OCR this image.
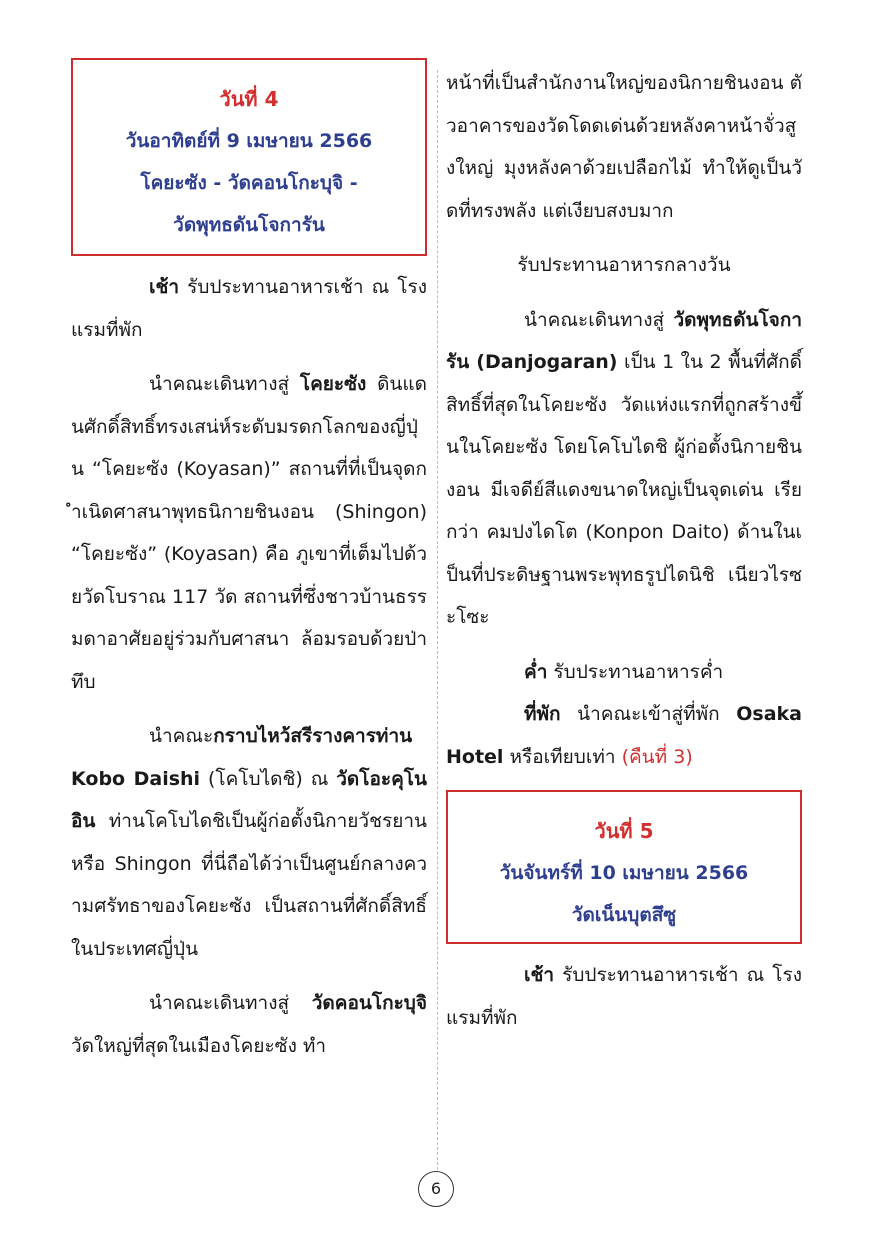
วันที่ 4
วันอาทิตย์ที่ 9 เมษายน 2566
โคยะซัง - วัดคอนโกะบุจิ -
วัดพุทธดันโจการัน

เช้า รับประทานอาหารเช้า ณ โรงแรมที่พัก

นำคณะเดินทางสู่ โคยะซัง ดินแดนศักดิ์สิทธิ์ทรงเสน่ห์ระดับมรดกโลกของญี่ปุ่น “โคยะซัง (Koyasan)” สถานที่ที่เป็นจุดกำเนิดศาสนาพุทธนิกายชินงอน (Shingon) “โคยะซัง” (Koyasan) คือ ภูเขาที่เต็มไปด้วยวัดโบราณ 117 วัด สถานที่ซึ่งชาวบ้านธรรมดาอาศัยอยู่ร่วมกับศาสนา ล้อมรอบด้วยป่าทึบ

นำคณะกราบไหว้สรีรางคารท่าน Kobo Daishi (โคโบไดชิ) ณ วัดโอะคุโนอิน ท่านโคโบไดชิเป็นผู้ก่อตั้งนิกายวัชรยาน หรือ Shingon ที่นี่ถือได้ว่าเป็นศูนย์กลางความศรัทธาของโคยะซัง เป็นสถานที่ศักดิ์สิทธิ์ในประเทศญี่ปุ่น

นำคณะเดินทางสู่ วัดคอนโกะบุจิ วัดใหญ่ที่สุดในเมืองโคยะซัง ทำ

หน้าที่เป็นสำนักงานใหญ่ของนิกายชินงอน ตัวอาคารของวัดโดดเด่นด้วยหลังคาหน้าจั่วสูงใหญ่ มุงหลังคาด้วยเปลือกไม้ ทำให้ดูเป็นวัดที่ทรงพลัง แต่เงียบสงบมาก

รับประทานอาหารกลางวัน

นำคณะเดินทางสู่ วัดพุทธดันโจการัน (Danjogaran) เป็น 1 ใน 2 พื้นที่ศักดิ์สิทธิ์ที่สุดในโคยะซัง วัดแห่งแรกที่ถูกสร้างขึ้นในโคยะซัง โดยโคโบไดชิ ผู้ก่อตั้งนิกายชินงอน มีเจดีย์สีแดงขนาดใหญ่เป็นจุดเด่น เรียกว่า คมปงไดโต (Konpon Daito) ด้านในเป็นที่ประดิษฐานพระพุทธรูปไดนิชิ เนียวไรซะโซะ

ค่ำ รับประทานอาหารค่ำ

ที่พัก นำคณะเข้าสู่ที่พัก Osaka Hotel หรือเทียบเท่า (คืนที่ 3)

วันที่ 5
วันจันทร์ที่ 10 เมษายน 2566
วัดเน็นบุตสึซู

เช้า รับประทานอาหารเช้า ณ โรงแรมที่พัก

6
